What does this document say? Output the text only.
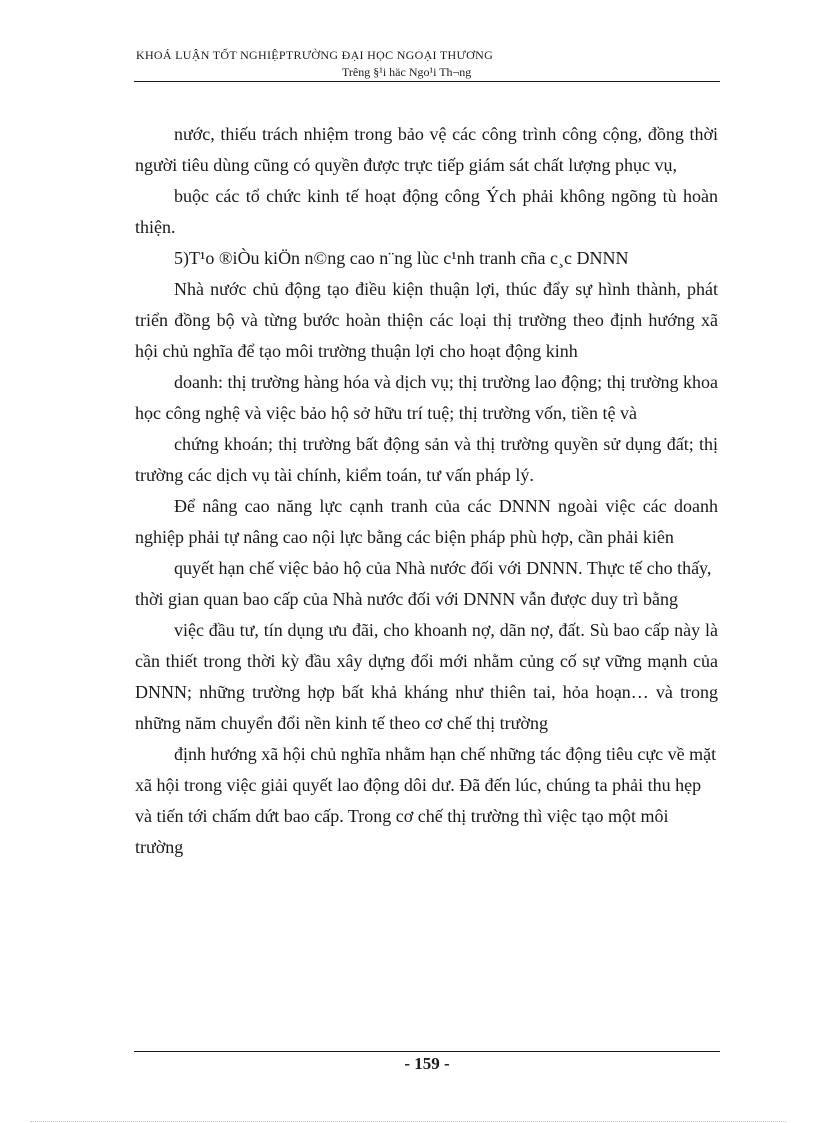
KHOÁ LUẬN TỐT NGHIỆPTRƯỜNG ĐẠI HỌC NGOẠI THƯƠNG
Trêng §¹i häc Ngo¹i Th¬ng

nước, thiếu trách nhiệm trong bảo vệ các công trình công cộng, đồng thời người tiêu dùng cũng có quyền được trực tiếp giám sát chất lượng phục vụ,

buộc các tổ chức kinh tế hoạt động công Ých phải không ngõng tù hoàn thiện.

5)T¹o ®iÒu kiÖn n©ng cao n¨ng lùc c¹nh tranh cña c¸c DNNN

Nhà nước chủ động tạo điều kiện thuận lợi, thúc đẩy sự hình thành, phát triển đồng bộ và từng bước hoàn thiện các loại thị trường theo định hướng xã hội chủ nghĩa để tạo môi trường thuận lợi cho hoạt động kinh

doanh: thị trường hàng hóa và dịch vụ; thị trường lao động; thị trường khoa học công nghệ và việc bảo hộ sở hữu trí tuệ; thị trường vốn, tiền tệ và

chứng khoán; thị trường bất động sản và thị trường quyền sử dụng đất; thị trường các dịch vụ tài chính, kiểm toán, tư vấn pháp lý.

Để nâng cao năng lực cạnh tranh của các DNNN ngoài việc các doanh nghiệp phải tự nâng cao nội lực bằng các biện pháp phù hợp, cần phải kiên

quyết hạn chế việc bảo hộ của Nhà nước đối với DNNN. Thực tế cho thấy, thời gian quan bao cấp của Nhà nước đối với DNNN vẫn được duy trì bằng

việc đầu tư, tín dụng ưu đãi, cho khoanh nợ, dãn nợ, đất. Sù bao cấp này là cần thiết trong thời kỳ đầu xây dựng đổi mới nhằm củng cố sự vững mạnh của DNNN; những trường hợp bất khả kháng như thiên tai, hỏa hoạn… và trong những năm chuyển đổi nền kinh tế theo cơ chế thị trường

định hướng xã hội chủ nghĩa nhằm hạn chế những tác động tiêu cực về mặt xã hội trong việc giải quyết lao động dôi dư. Đã đến lúc, chúng ta phải thu hẹp và tiến tới chấm dứt bao cấp. Trong cơ chế thị trường thì việc tạo một môi trường

- 159 -
